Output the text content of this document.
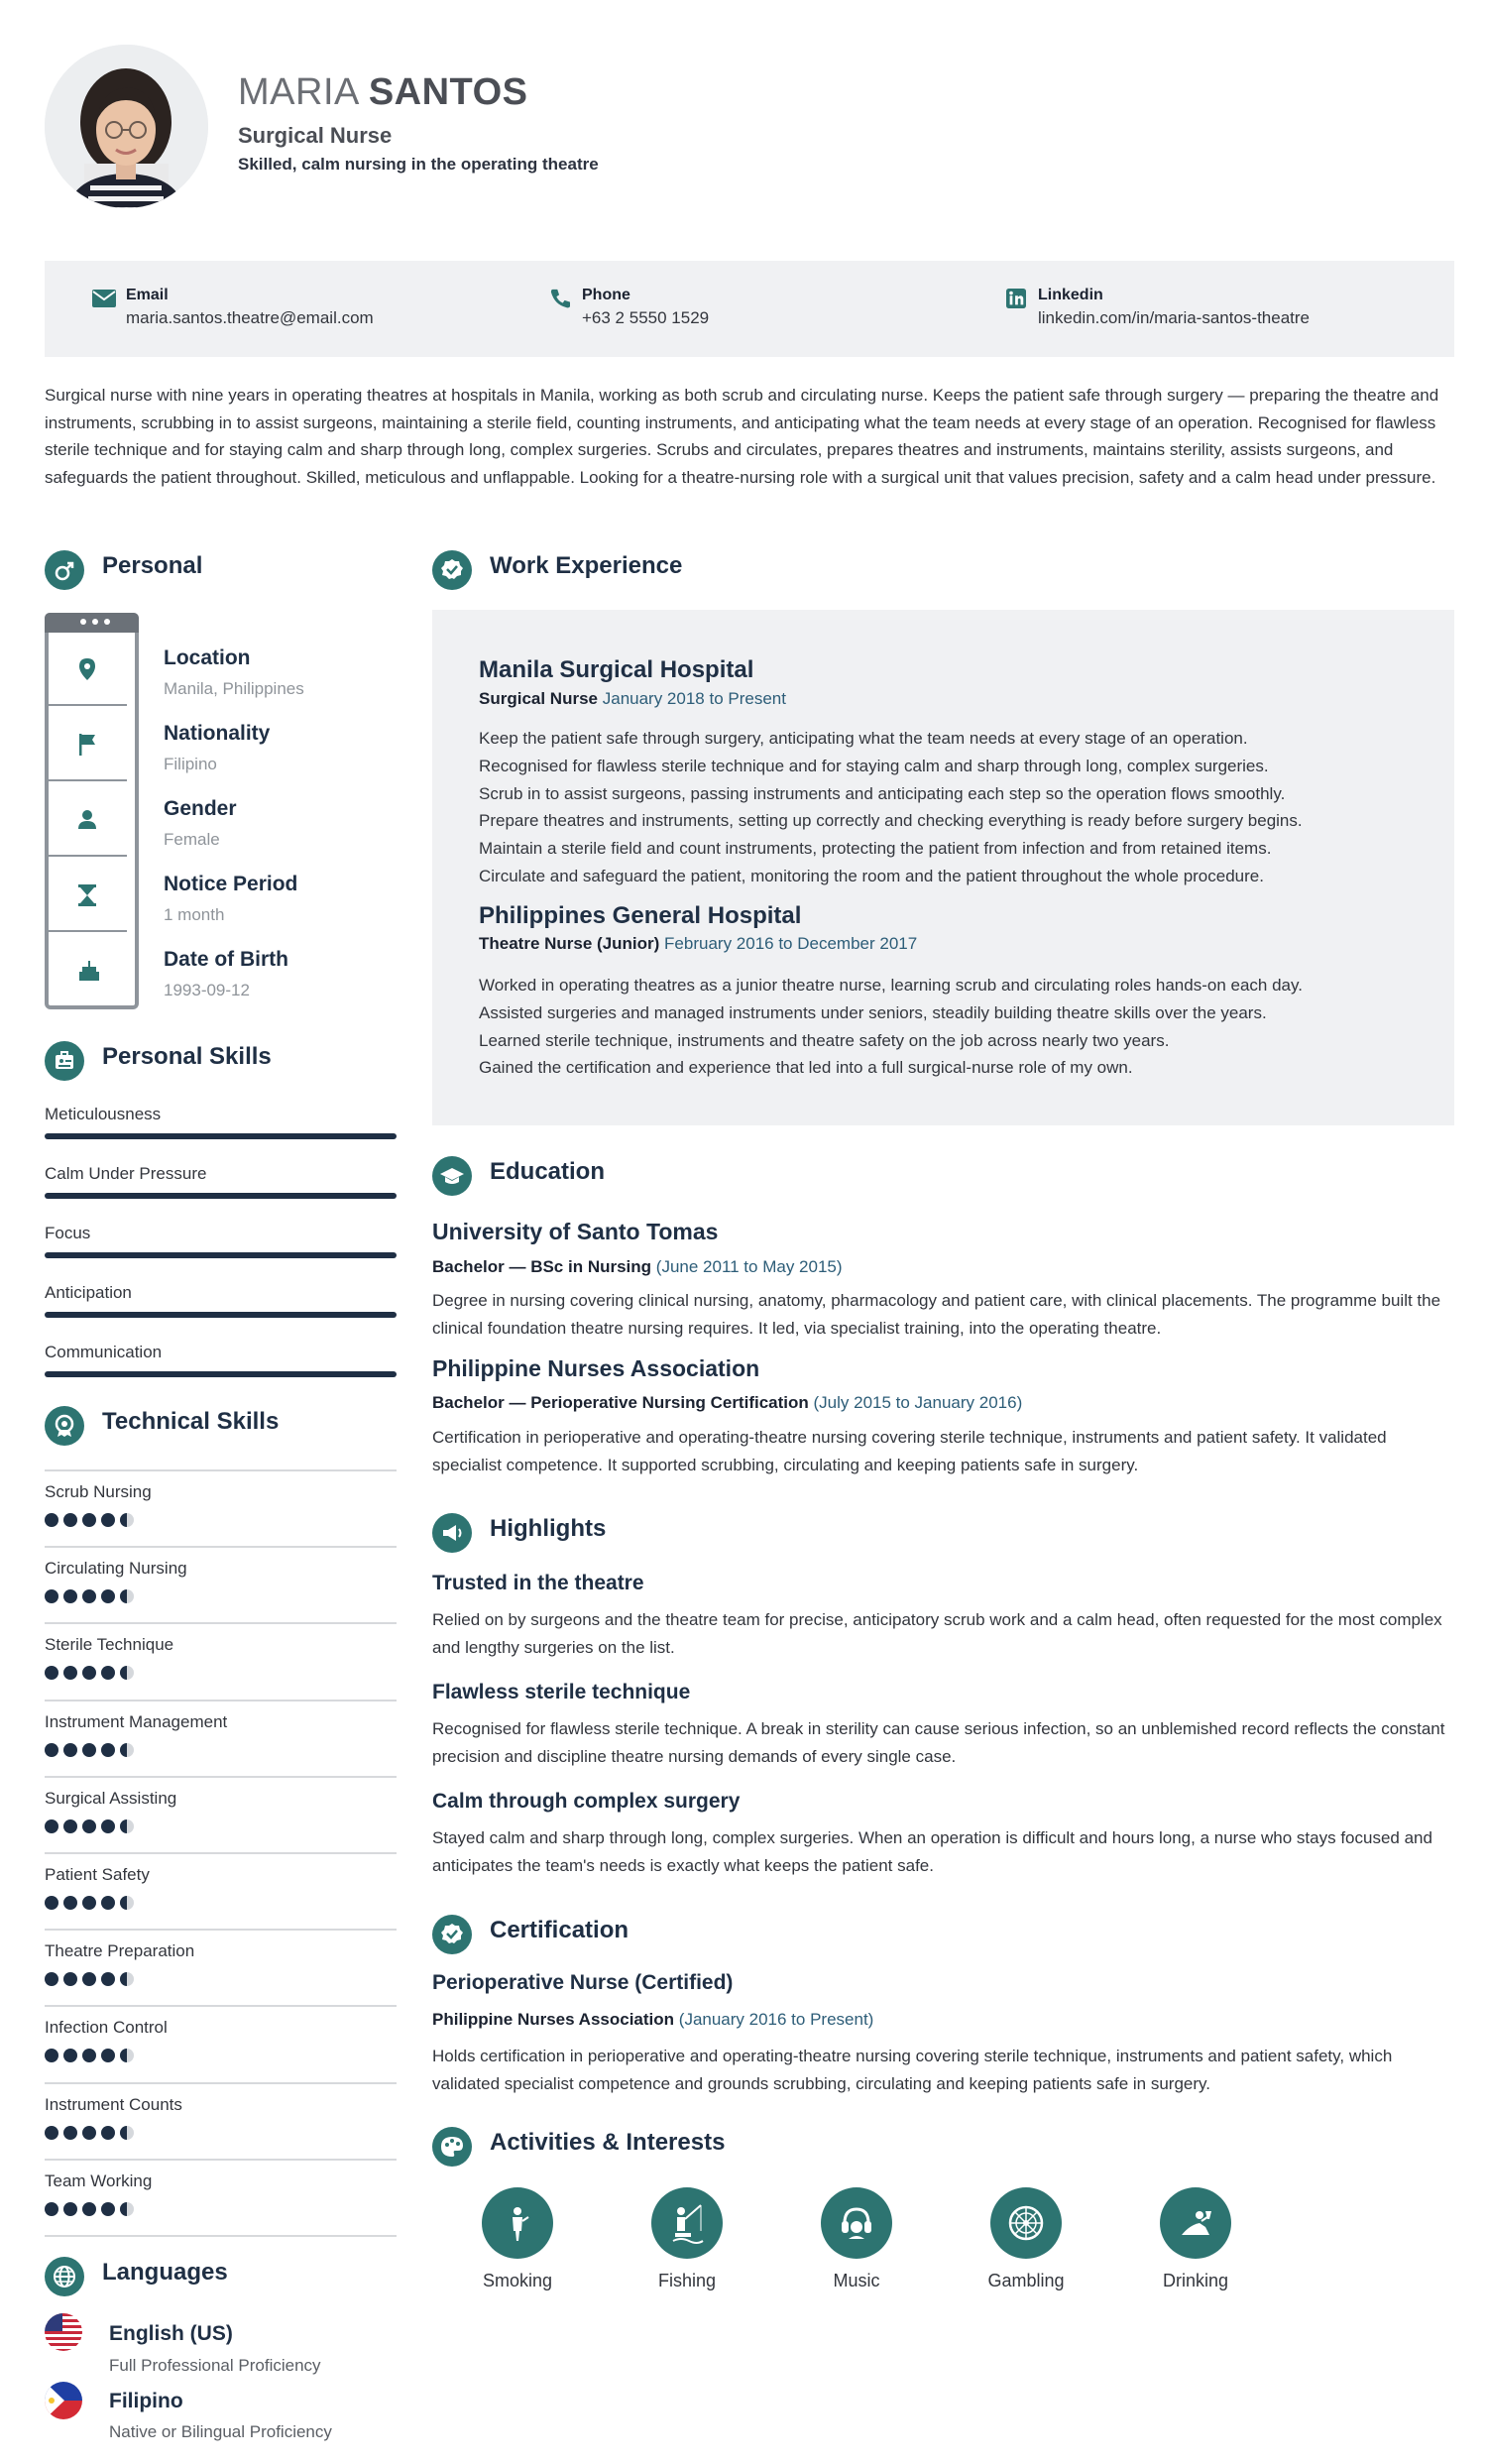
MARIA SANTOS
Surgical Nurse
Skilled, calm nursing in the operating theatre
Email
maria.santos.theatre@email.com
Phone
+63 2 5550 1529
Linkedin
linkedin.com/in/maria-santos-theatre
Surgical nurse with nine years in operating theatres at hospitals in Manila, working as both scrub and circulating nurse. Keeps the patient safe through surgery — preparing the theatre and instruments, scrubbing in to assist surgeons, maintaining a sterile field, counting instruments, and anticipating what the team needs at every stage of an operation. Recognised for flawless sterile technique and for staying calm and sharp through long, complex surgeries. Scrubs and circulates, prepares theatres and instruments, maintains sterility, assists surgeons, and safeguards the patient throughout. Skilled, meticulous and unflappable. Looking for a theatre-nursing role with a surgical unit that values precision, safety and a calm head under pressure.
Personal
Location
Manila, Philippines
Nationality
Filipino
Gender
Female
Notice Period
1 month
Date of Birth
1993-09-12
Personal Skills
Meticulousness
Calm Under Pressure
Focus
Anticipation
Communication
Technical Skills
Scrub Nursing
Circulating Nursing
Sterile Technique
Instrument Management
Surgical Assisting
Patient Safety
Theatre Preparation
Infection Control
Instrument Counts
Team Working
Languages
English (US)
Full Professional Proficiency
Filipino
Native or Bilingual Proficiency
Work Experience
Manila Surgical Hospital
Surgical Nurse January 2018 to Present
Keep the patient safe through surgery, anticipating what the team needs at every stage of an operation.
Recognised for flawless sterile technique and for staying calm and sharp through long, complex surgeries.
Scrub in to assist surgeons, passing instruments and anticipating each step so the operation flows smoothly.
Prepare theatres and instruments, setting up correctly and checking everything is ready before surgery begins.
Maintain a sterile field and count instruments, protecting the patient from infection and from retained items.
Circulate and safeguard the patient, monitoring the room and the patient throughout the whole procedure.
Philippines General Hospital
Theatre Nurse (Junior) February 2016 to December 2017
Worked in operating theatres as a junior theatre nurse, learning scrub and circulating roles hands-on each day.
Assisted surgeries and managed instruments under seniors, steadily building theatre skills over the years.
Learned sterile technique, instruments and theatre safety on the job across nearly two years.
Gained the certification and experience that led into a full surgical-nurse role of my own.
Education
University of Santo Tomas
Bachelor — BSc in Nursing (June 2011 to May 2015)
Degree in nursing covering clinical nursing, anatomy, pharmacology and patient care, with clinical placements. The programme built the clinical foundation theatre nursing requires. It led, via specialist training, into the operating theatre.
Philippine Nurses Association
Bachelor — Perioperative Nursing Certification (July 2015 to January 2016)
Certification in perioperative and operating-theatre nursing covering sterile technique, instruments and patient safety. It validated specialist competence. It supported scrubbing, circulating and keeping patients safe in surgery.
Highlights
Trusted in the theatre
Relied on by surgeons and the theatre team for precise, anticipatory scrub work and a calm head, often requested for the most complex and lengthy surgeries on the list.
Flawless sterile technique
Recognised for flawless sterile technique. A break in sterility can cause serious infection, so an unblemished record reflects the constant precision and discipline theatre nursing demands of every single case.
Calm through complex surgery
Stayed calm and sharp through long, complex surgeries. When an operation is difficult and hours long, a nurse who stays focused and anticipates the team's needs is exactly what keeps the patient safe.
Certification
Perioperative Nurse (Certified)
Philippine Nurses Association (January 2016 to Present)
Holds certification in perioperative and operating-theatre nursing covering sterile technique, instruments and patient safety, which validated specialist competence and grounds scrubbing, circulating and keeping patients safe in surgery.
Activities & Interests
Smoking	Fishing	Music	Gambling	Drinking
